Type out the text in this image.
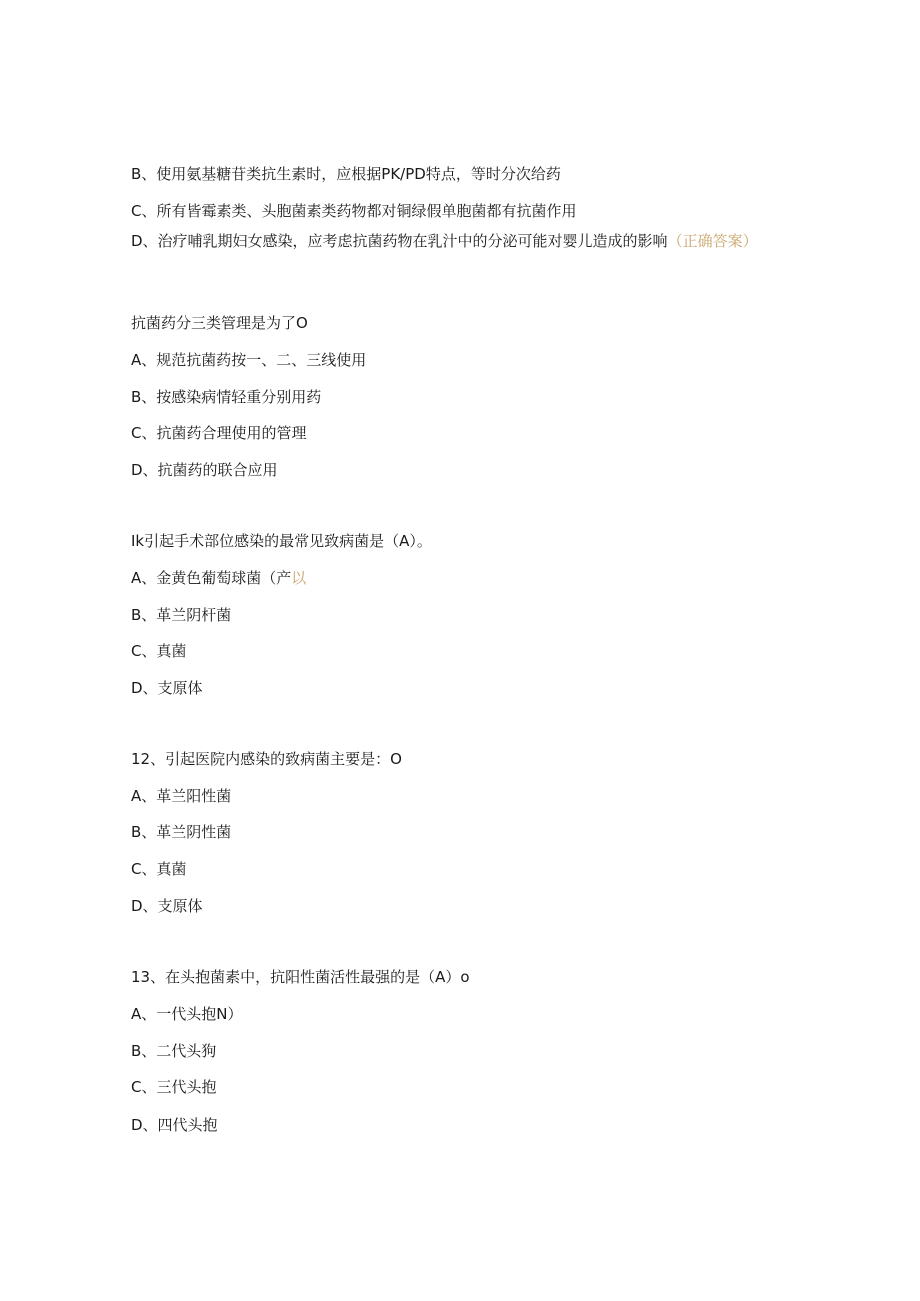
B、使用氨基糖苷类抗生素时，应根据PK/PD特点，等时分次给药
C、所有皆霉素类、头胞菌素类药物都对铜绿假单胞菌都有抗菌作用
D、治疗哺乳期妇女感染，应考虑抗菌药物在乳汁中的分泌可能对婴儿造成的影响（正确答案）
抗菌药分三类管理是为了O
A、规范抗菌药按一、二、三线使用
B、按感染病情轻重分别用药
C、抗菌药合理使用的管理
D、抗菌药的联合应用
Ik引起手术部位感染的最常见致病菌是（A）。
A、金黄色葡萄球菌（产以
B、革兰阴杆菌
C、真菌
D、支原体
12、引起医院内感染的致病菌主要是：O
A、革兰阳性菌
B、革兰阴性菌
C、真菌
D、支原体
13、在头抱菌素中，抗阳性菌活性最强的是（A）o
A、一代头抱N）
B、二代头狗
C、三代头抱
D、四代头抱
